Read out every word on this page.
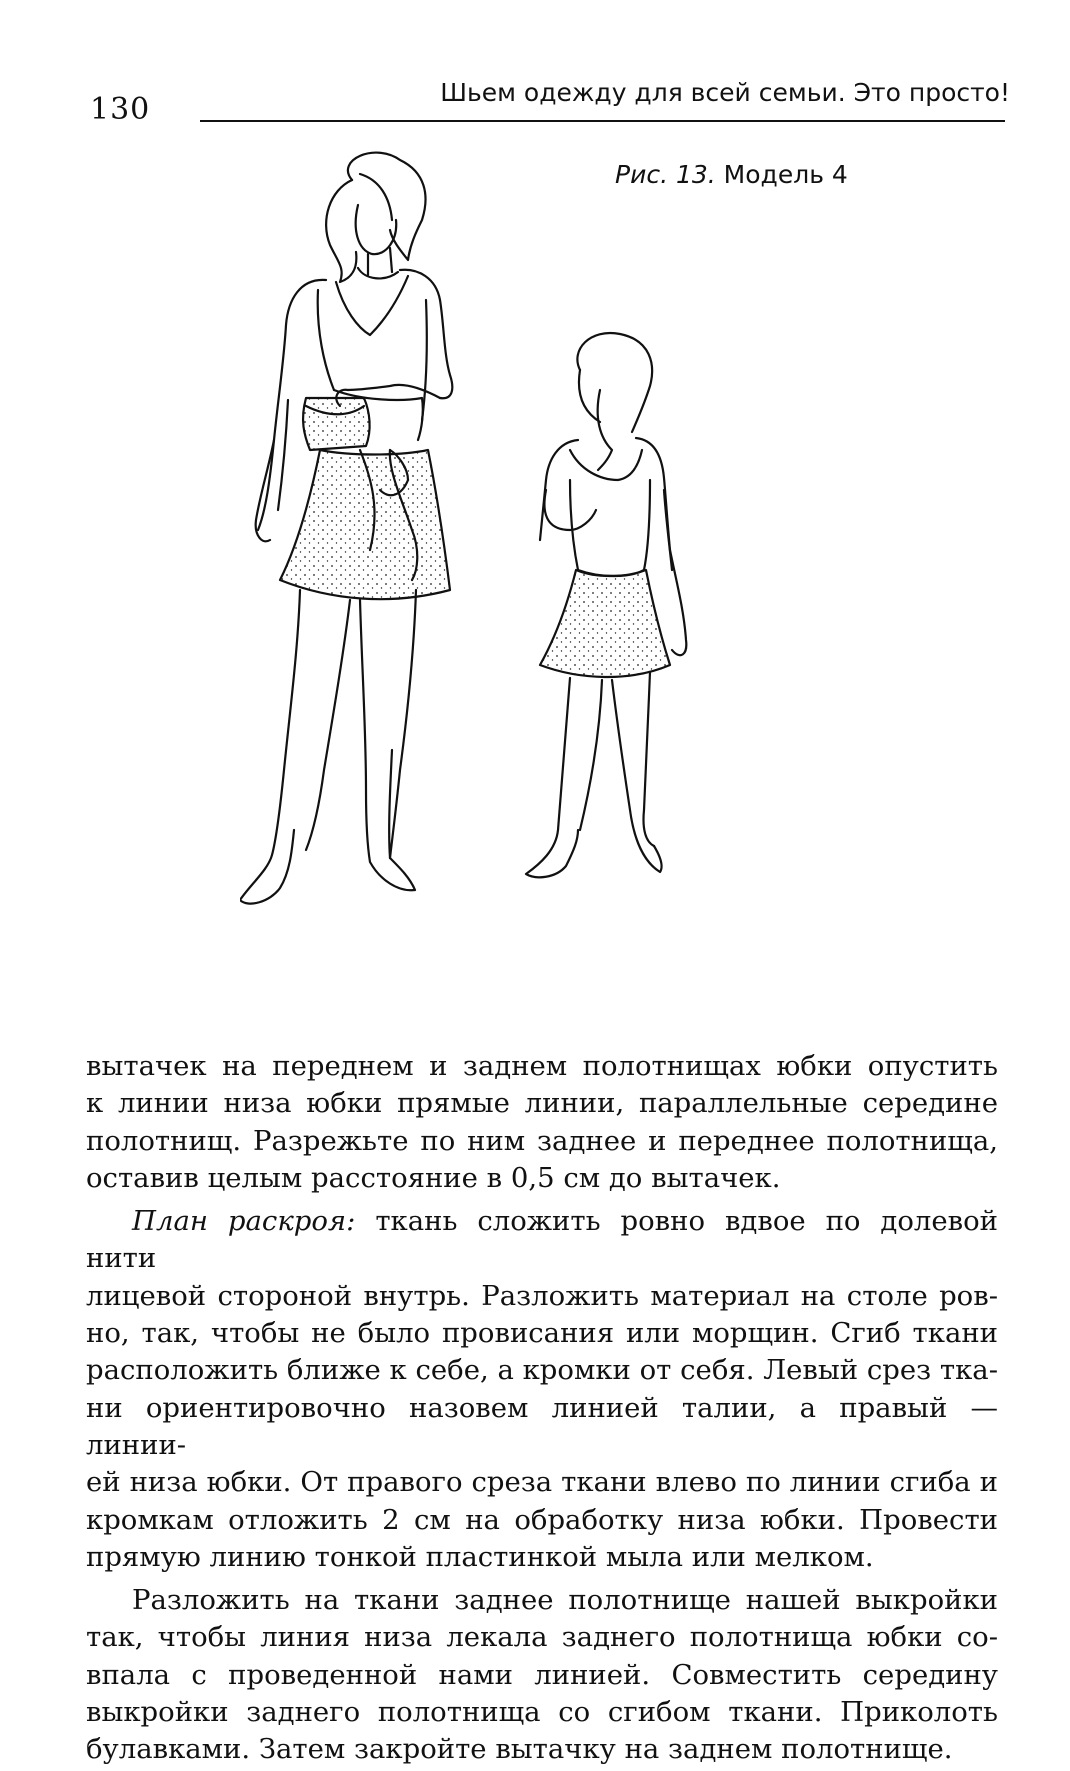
130	Шьем одежду для всей семьи. Это просто!
Рис. 13. Модель 4

вытачек на переднем и заднем полотнищах юбки опустить

к линии низа юбки прямые линии, параллельные середине

полотнищ. Разрежьте по ним заднее и переднее полотнища,

оставив целым расстояние в 0,5 см до вытачек.

План раскроя: ткань сложить ровно вдвое по долевой нити

лицевой стороной внутрь. Разложить материал на столе ров-

но, так, чтобы не было провисания или морщин. Сгиб ткани

расположить ближе к себе, а кромки от себя. Левый срез тка-

ни ориентировочно назовем линией талии, а правый — линии-

ей низа юбки. От правого среза ткани влево по линии сгиба и

кромкам отложить 2 см на обработку низа юбки. Провести

прямую линию тонкой пластинкой мыла или мелком.

Разложить на ткани заднее полотнище нашей выкройки

так, чтобы линия низа лекала заднего полотнища юбки со-

впала с проведенной нами линией. Совместить середину

выкройки заднего полотнища со сгибом ткани. Приколоть

булавками. Затем закройте вытачку на заднем полотнище.
